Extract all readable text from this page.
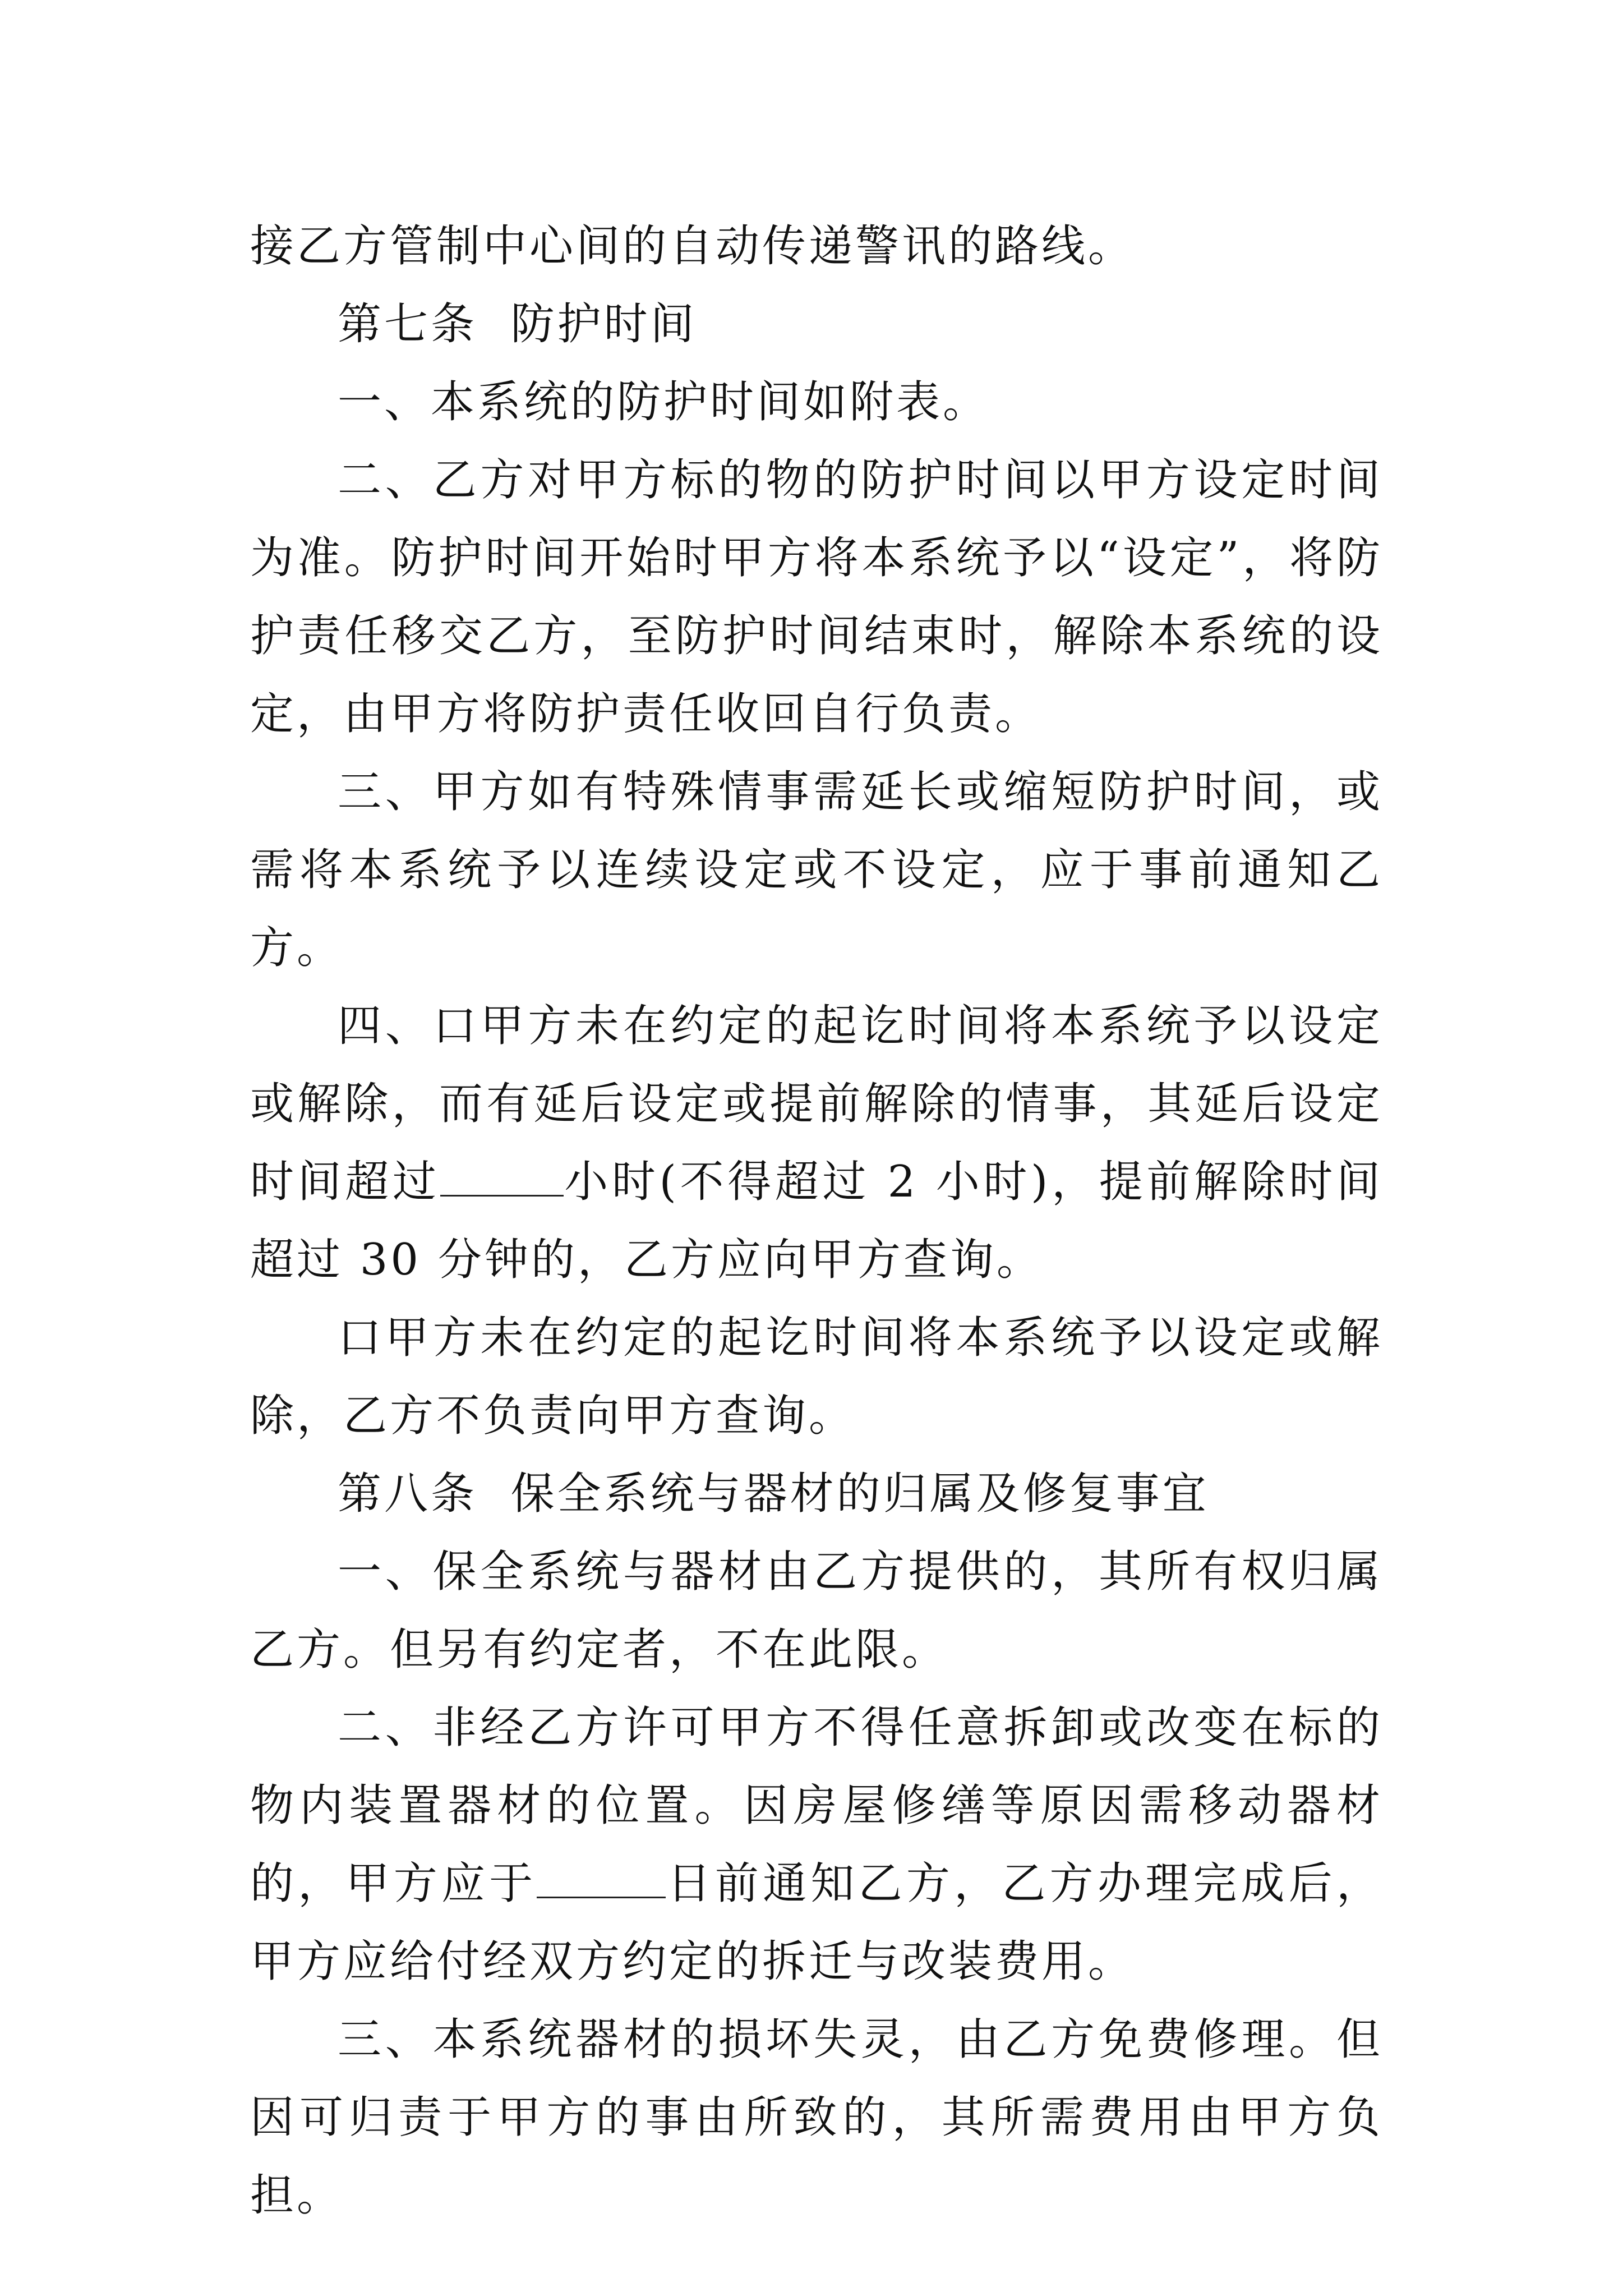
接乙方管制中心间的自动传递警讯的路线。

第七条  防护时间

一、本系统的防护时间如附表。

二、乙方对甲方标的物的防护时间以甲方设定时间为准。防护时间开始时甲方将本系统予以“设定”，将防护责任移交乙方，至防护时间结束时，解除本系统的设定，由甲方将防护责任收回自行负责。

三、甲方如有特殊情事需延长或缩短防护时间，或需将本系统予以连续设定或不设定，应于事前通知乙方。

四、口甲方未在约定的起讫时间将本系统予以设定或解除，而有延后设定或提前解除的情事，其延后设定时间超过	小时(不得超过 2 小时)，提前解除时间超过 30 分钟的，乙方应向甲方查询。

口甲方未在约定的起讫时间将本系统予以设定或解除，乙方不负责向甲方查询。

第八条  保全系统与器材的归属及修复事宜

一、保全系统与器材由乙方提供的，其所有权归属乙方。但另有约定者，不在此限。

二、非经乙方许可甲方不得任意拆卸或改变在标的物内装置器材的位置。因房屋修缮等原因需移动器材的，甲方应于	日前通知乙方，乙方办理完成后，甲方应给付经双方约定的拆迁与改装费用。

三、本系统器材的损坏失灵，由乙方免费修理。但因可归责于甲方的事由所致的，其所需费用由甲方负担。
